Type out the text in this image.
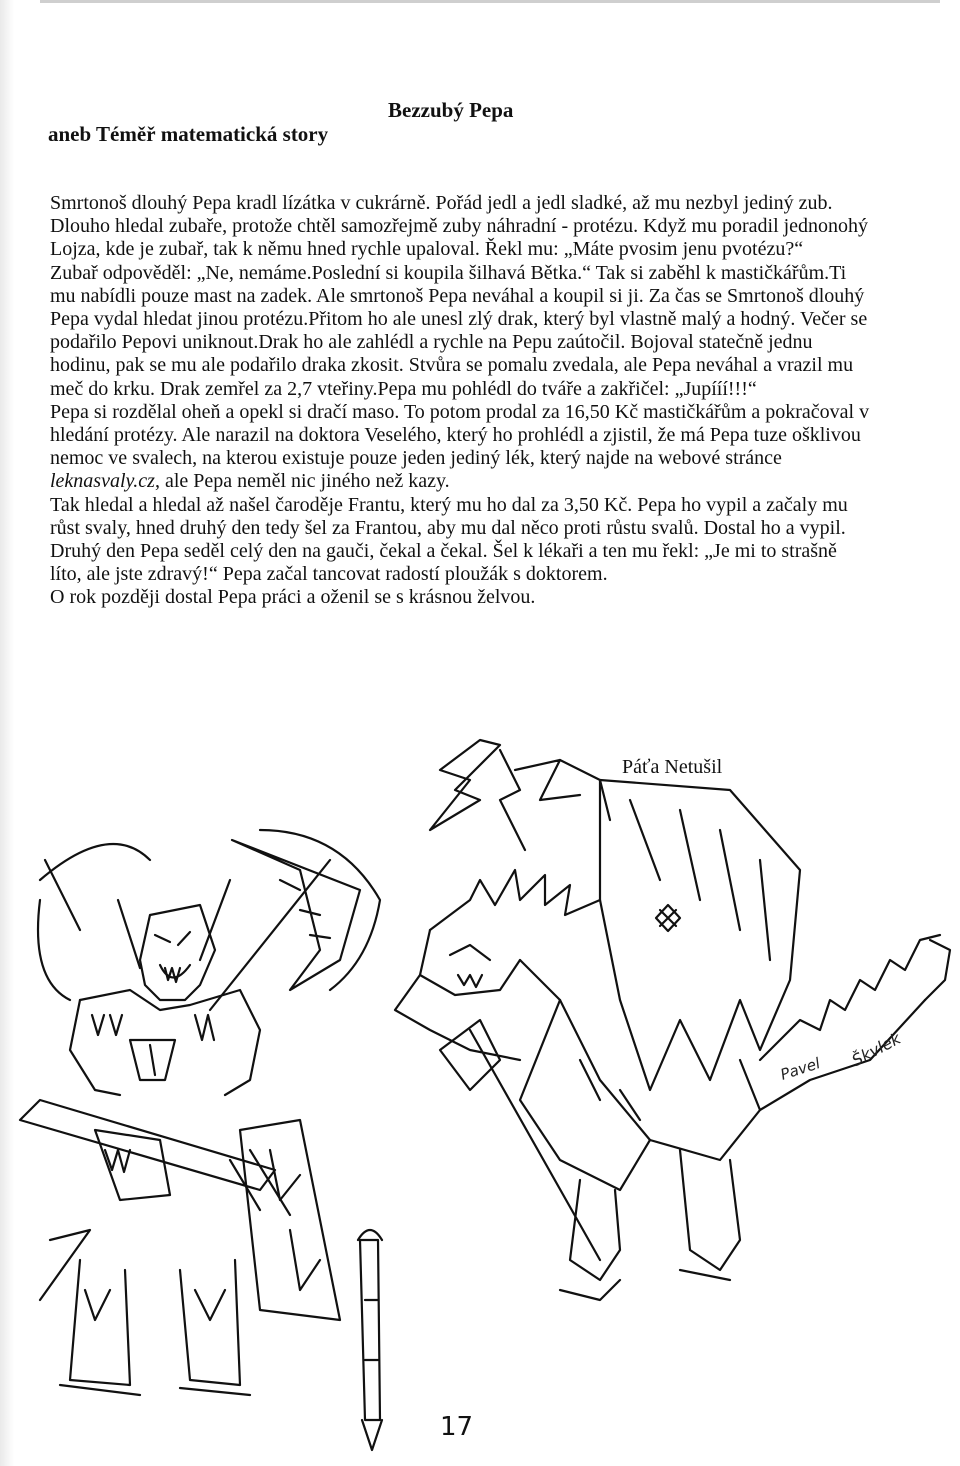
Bezzubý Pepa
aneb Téměř matematická story

Smrtonoš dlouhý Pepa kradl lízátka v cukrárně. Pořád jedl a jedl sladké, až mu nezbyl jediný zub. Dlouho hledal zubaře, protože chtěl samozřejmě zuby náhradní - protézu. Když mu poradil jednonohý Lojza, kde je zubař, tak k němu hned rychle upaloval. Řekl mu: „Máte pvosim jenu pvotézu?“

Zubař odpověděl: „Ne, nemáme.Poslední si koupila šilhavá Bětka.“ Tak si zaběhl k mastičkářům.Ti mu nabídli pouze mast na zadek. Ale smrtonoš Pepa neváhal a koupil si ji. Za čas se Smrtonoš dlouhý Pepa vydal hledat jinou protézu.Přitom ho ale unesl zlý drak, který byl vlastně malý a hodný. Večer se podařilo Pepovi uniknout.Drak ho ale zahlédl a rychle na Pepu zaútočil. Bojoval statečně jednu hodinu, pak se mu ale podařilo draka zkosit. Stvůra se pomalu zvedala, ale Pepa neváhal a vrazil mu meč do krku. Drak zemřel za 2,7 vteřiny.Pepa mu pohlédl do tváře a zakřičel: „Jupííí!!!“

Pepa si rozdělal oheň a opekl si dračí maso. To potom prodal za 16,50 Kč mastičkářům a pokračoval v hledání protézy. Ale narazil na doktora Veselého, který ho prohlédl a zjistil, že má Pepa tuze ošklivou nemoc ve svalech, na kterou existuje pouze jeden jediný lék, který najde na webové stránce leknasvaly.cz, ale Pepa neměl nic jiného než kazy.

Tak hledal a hledal až našel čaroděje Frantu, který mu ho dal za 3,50 Kč. Pepa ho vypil a začaly mu růst svaly, hned druhý den tedy šel za Frantou, aby mu dal něco proti růstu svalů. Dostal ho a vypil.

Druhý den Pepa seděl celý den na gauči, čekal a čekal. Šel k lékaři a ten mu řekl: „Je mi to strašně líto, ale jste zdravý!“ Pepa začal tancovat radostí ploužák s doktorem.

O rok později dostal Pepa práci a oženil se s krásnou želvou.

Páťa Netušil

Pavel Škvlek

17
